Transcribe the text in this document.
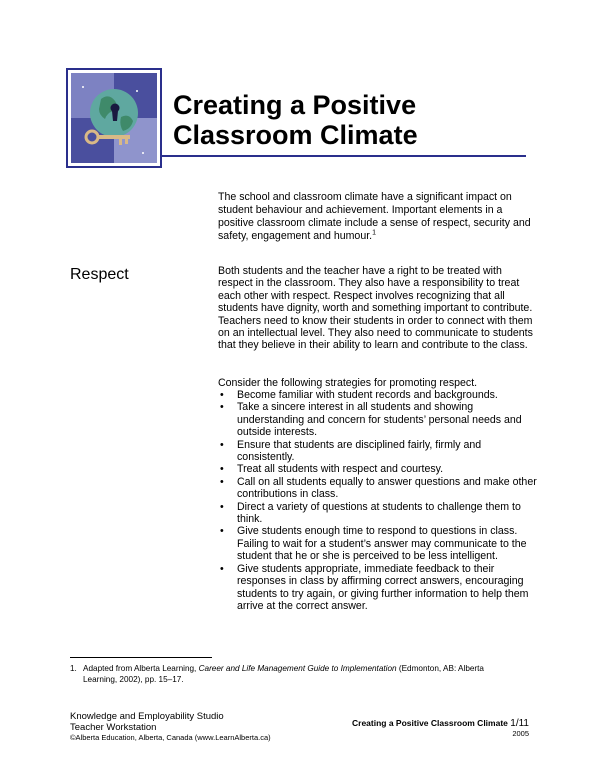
Creating a Positive
Classroom Climate

The school and classroom climate have a significant impact on student behaviour and achievement. Important elements in a positive classroom climate include a sense of respect, security and safety, engagement and humour.$^1$

Respect	Both students and the teacher have a right to be treated with respect in the classroom. They also have a responsibility to treat each other with respect. Respect involves recognizing that all students have dignity, worth and something important to contribute. Teachers need to know their students in order to connect with them on an intellectual level. They also need to communicate to students that they believe in their ability to learn and contribute to the class.

Consider the following strategies for promoting respect.

• Become familiar with student records and backgrounds.
• Take a sincere interest in all students and showing understanding and concern for students’ personal needs and outside interests.
• Ensure that students are disciplined fairly, firmly and consistently.
• Treat all students with respect and courtesy.
• Call on all students equally to answer questions and make other contributions in class.
• Direct a variety of questions at students to challenge them to think.
• Give students enough time to respond to questions in class. Failing to wait for a student’s answer may communicate to the student that he or she is perceived to be less intelligent.
• Give students appropriate, immediate feedback to their responses in class by affirming correct answers, encouraging students to try again, or giving further information to help them arrive at the correct answer.

1. Adapted from Alberta Learning, Career and Life Management Guide to Implementation (Edmonton, AB: Alberta
Learning, 2002), pp. 15–17.

Knowledge and Employability Studio
Teacher Workstation
©Alberta Education, Alberta, Canada (www.LearnAlberta.ca)
Creating a Positive Classroom Climate 1/11
2005
